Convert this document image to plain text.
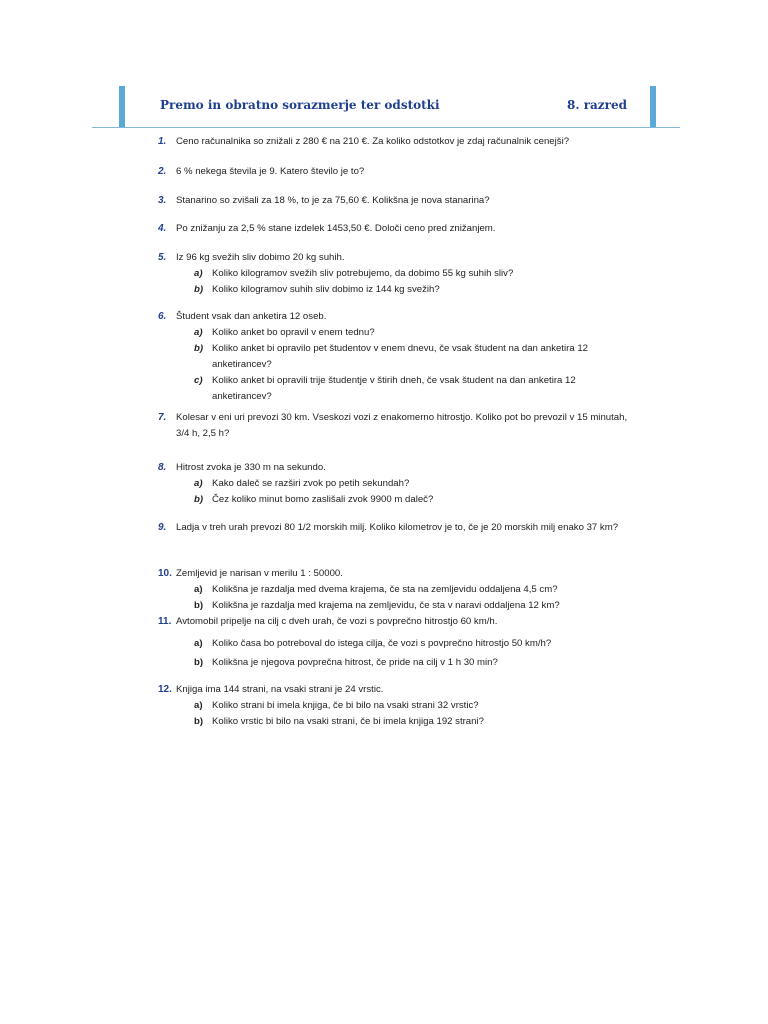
Premo in obratno sorazmerje ter odstotki	8. razred
1. Ceno računalnika so znižali z 280 € na 210 €. Za koliko odstotkov je zdaj računalnik cenejši?
2. 6 % nekega števila je 9. Katero število je to?
3. Stanarino so zvišali za 18 %, to je za 75,60 €. Kolikšna je nova stanarina?
4. Po znižanju za 2,5 % stane izdelek 1453,50 €. Določi ceno pred znižanjem.
5. Iz 96 kg svežih sliv dobimo 20 kg suhih.
a) Koliko kilogramov svežih sliv potrebujemo, da dobimo 55 kg suhih sliv?
b) Koliko kilogramov suhih sliv dobimo iz 144 kg svežih?
6. Študent vsak dan anketira 12 oseb.
a) Koliko anket bo opravil v enem tednu?
b) Koliko anket bi opravilo pet študentov v enem dnevu, če vsak študent na dan anketira 12 anketirancev?
c) Koliko anket bi opravili trije študentje v štirih dneh, če vsak študent na dan anketira 12 anketirancev?
7. Kolesar v eni uri prevozi 30 km. Vseskozi vozi z enakomerno hitrostjo. Koliko pot bo prevozil v 15 minutah, 3/4 h, 2,5 h?
8. Hitrost zvoka je 330 m na sekundo.
a) Kako daleč se razširi zvok po petih sekundah?
b) Čez koliko minut bomo zaslišali zvok 9900 m daleč?
9. Ladja v treh urah prevozi 80 1/2 morskih milj. Koliko kilometrov je to, če je 20 morskih milj enako 37 km?
10. Zemljevid je narisan v merilu 1 : 50000.
a) Kolikšna je razdalja med dvema krajema, če sta na zemljevidu oddaljena 4,5 cm?
b) Kolikšna je razdalja med krajema na zemljevidu, če sta v naravi oddaljena 12 km?
11. Avtomobil pripelje na cilj c dveh urah, če vozi s povprečno hitrostjo 60 km/h.
a) Koliko časa bo potreboval do istega cilja, če vozi s povprečno hitrostjo 50 km/h?
b) Kolikšna je njegova povprečna hitrost, če pride na cilj v 1 h 30 min?
12. Knjiga ima 144 strani, na vsaki strani je 24 vrstic.
a) Koliko strani bi imela knjiga, če bi bilo na vsaki strani 32 vrstic?
b) Koliko vrstic bi bilo na vsaki strani, če bi imela knjiga 192 strani?
